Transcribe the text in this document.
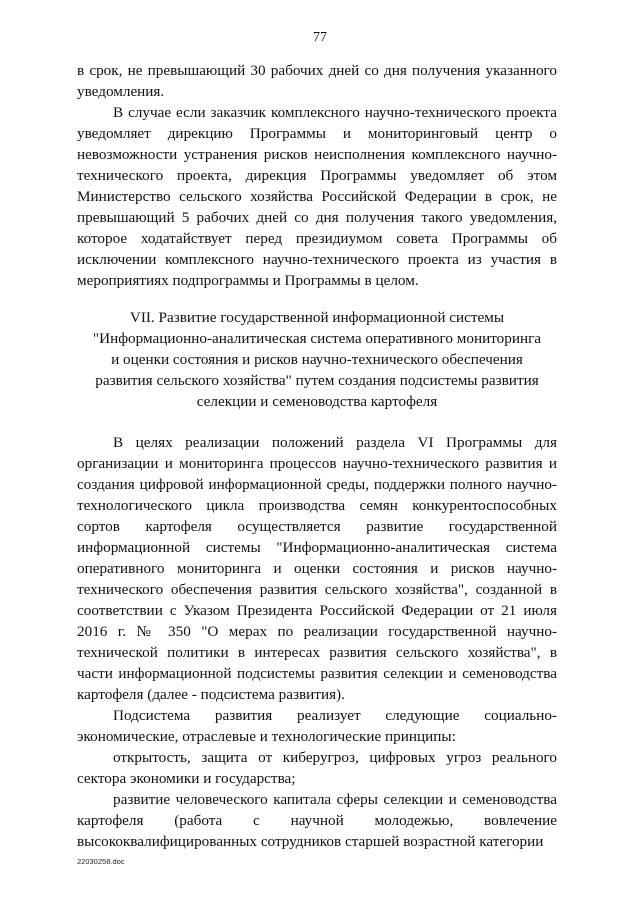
77

в срок, не превышающий 30 рабочих дней со дня получения указанного уведомления.

В случае если заказчик комплексного научно-технического проекта уведомляет дирекцию Программы и мониторинговый центр о невозможности устранения рисков неисполнения комплексного научно-технического проекта, дирекция Программы уведомляет об этом Министерство сельского хозяйства Российской Федерации в срок, не превышающий 5 рабочих дней со дня получения такого уведомления, которое ходатайствует перед президиумом совета Программы об исключении комплексного научно-технического проекта из участия в мероприятиях подпрограммы и Программы в целом.

VII. Развитие государственной информационной системы
"Информационно-аналитическая система оперативного мониторинга
и оценки состояния и рисков научно-технического обеспечения
развития сельского хозяйства" путем создания подсистемы развития
селекции и семеноводства картофеля

В целях реализации положений раздела VI Программы для организации и мониторинга процессов научно-технического развития и создания цифровой информационной среды, поддержки полного научно-технологического цикла производства семян конкурентоспособных сортов картофеля осуществляется развитие государственной информационной системы "Информационно-аналитическая система оперативного мониторинга и оценки состояния и рисков научно-технического обеспечения развития сельского хозяйства", созданной в соответствии с Указом Президента Российской Федерации от 21 июля 2016 г. № 350 "О мерах по реализации государственной научно-технической политики в интересах развития сельского хозяйства", в части информационной подсистемы развития селекции и семеноводства картофеля (далее - подсистема развития).

Подсистема развития реализует следующие социально-экономические, отраслевые и технологические принципы:

открытость, защита от киберугроз, цифровых угроз реального сектора экономики и государства;

развитие человеческого капитала сферы селекции и семеноводства картофеля (работа с научной молодежью, вовлечение высококвалифицированных сотрудников старшей возрастной категории

22030258.doc
